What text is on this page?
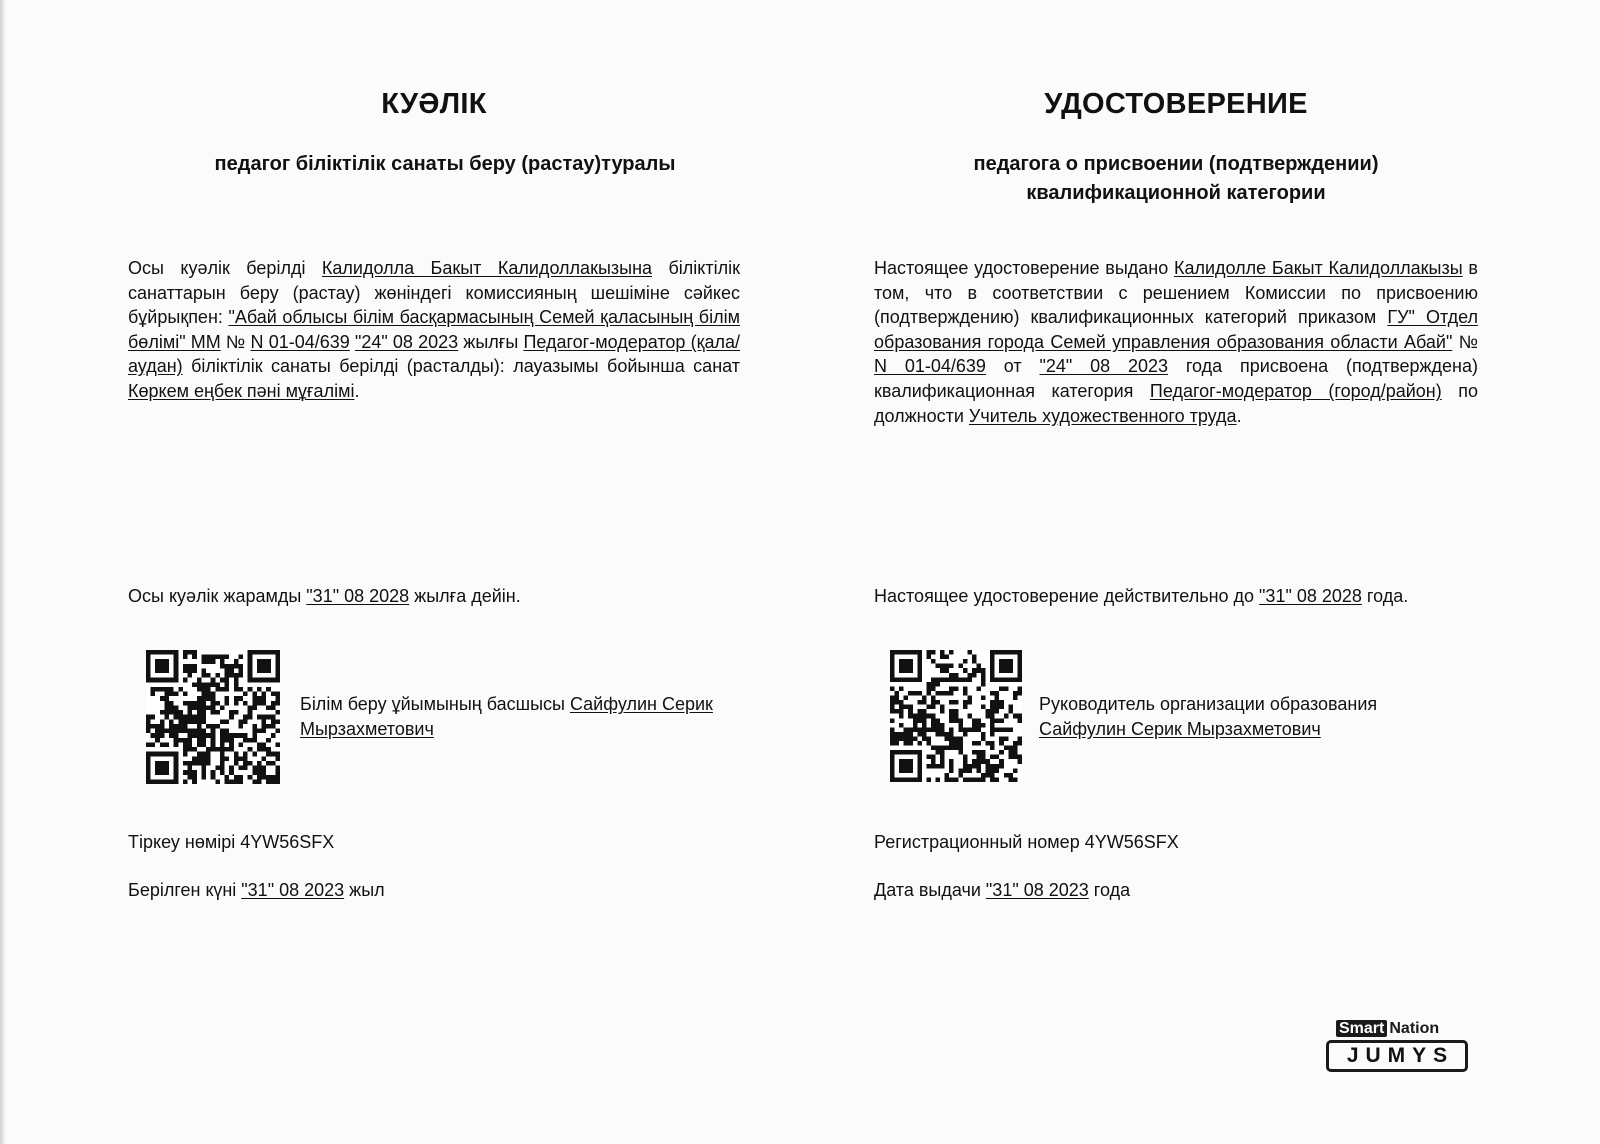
КУӘЛІК
педагог біліктілік санаты беру (растау)туралы
Осы куәлік берілді Калидолла Бакыт Калидоллакызына біліктілік санаттарын беру (растау) жөніндегі комиссияның шешіміне сәйкес бұйрықпен: "Абай облысы білім басқармасының Семей қаласының білім бөлімі" ММ № N 01-04/639 "24" 08 2023 жылғы Педагог-модератор (қала/аудан) біліктілік санаты берілді (расталды): лауазымы бойынша санат Көркем еңбек пәні мұғалімі.
Осы куәлік жарамды "31" 08 2028 жылға дейін.
Білім беру ұйымының басшысы Сайфулин Серик Мырзахметович
Тіркеу нөмірі 4YW56SFX
Берілген күні "31" 08 2023 жыл
УДОСТОВЕРЕНИЕ
педагога о присвоении (подтверждении)
квалификационной категории
Настоящее удостоверение выдано Калидолле Бакыт Калидоллакызы в том, что в соответствии с решением Комиссии по присвоению (подтверждению) квалификационных категорий приказом ГУ" Отдел образования города Семей управления образования области Абай" № N 01-04/639 от "24" 08 2023 года присвоена (подтверждена) квалификационная категория Педагог-модератор (город/район) по должности Учитель художественного труда.
Настоящее удостоверение действительно до "31" 08 2028 года.
Руководитель организации образования
Сайфулин Серик Мырзахметович
Регистрационный номер 4YW56SFX
Дата выдачи "31" 08 2023 года
Smart Nation
JUMYS
